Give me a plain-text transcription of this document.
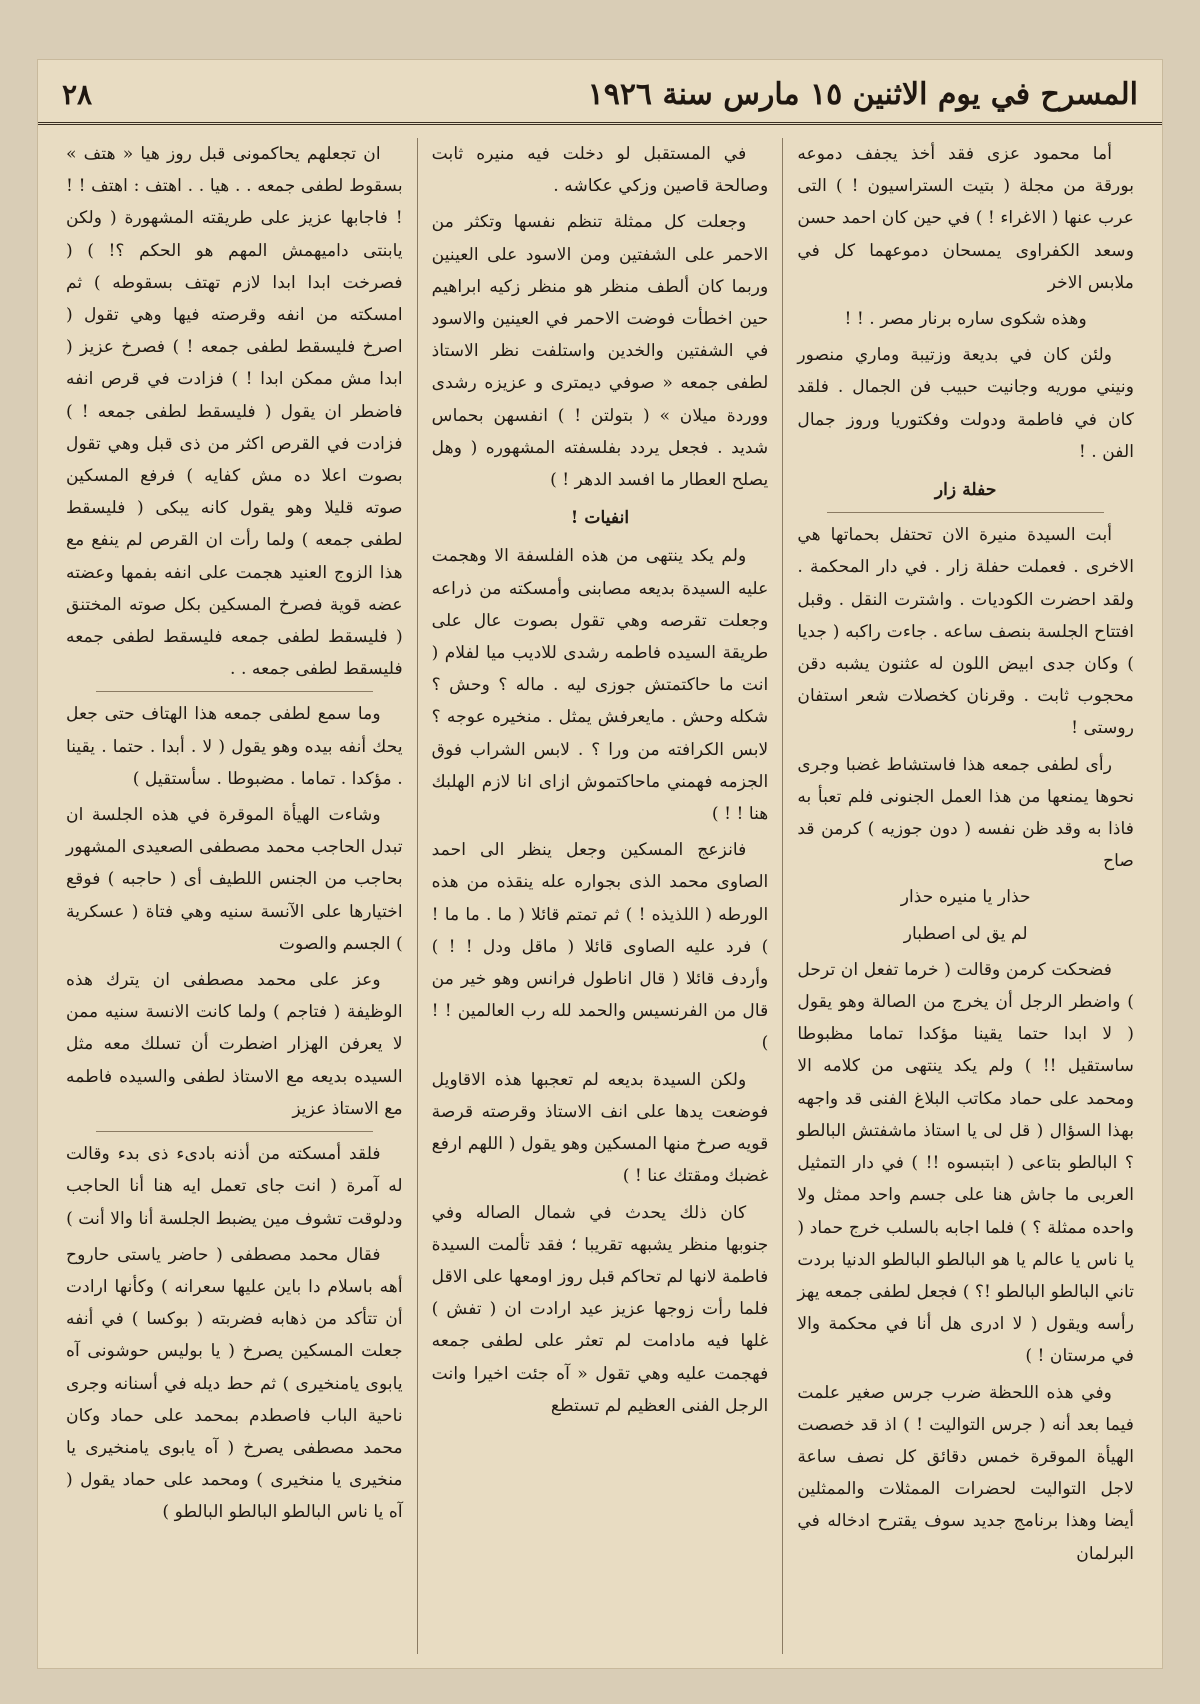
المسرح في يوم الاثنين ١٥ مارس سنة ١٩٢٦
٢٨

أما محمود عزى فقد أخذ يجفف دموعه بورقة من مجلة ( بتيت الستراسيون ! ) التى عرب عنها ( الاغراء ! ) في حين كان احمد حسن وسعد الكفراوى يمسحان دموعهما كل في ملابس الاخر

وهذه شكوى ساره برنار مصر . ! !

ولئن كان في بديعة وزتيبة وماري منصور ونيني موريه وجانيت حبيب فن الجمال . فلقد كان في فاطمة ودولت وفكتوريا وروز جمال الفن . !

حفلة زار

أبت السيدة منيرة الان تحتفل بحماتها هي الاخرى . فعملت حفلة زار . في دار المحكمة . ولقد احضرت الكوديات . واشترت النقل . وقبل افتتاح الجلسة بنصف ساعه . جاءت راكبه ( جديا ) وكان جدى ابيض اللون له عثنون يشبه دقن محجوب ثابت . وقرنان كخصلات شعر استفان روستى !

رأى لطفى جمعه هذا فاستشاط غضبا وجرى نحوها يمنعها من هذا العمل الجنونى فلم تعبأ به فاذا به وقد ظن نفسه ( دون جوزيه ) كرمن قد صاح

حذار يا منيره حذار

لم يق لى اصطبار

فضحكت كرمن وقالت ( خرما تفعل ان ترحل ) واضطر الرجل أن يخرج من الصالة وهو يقول ( لا ابدا حتما يقينا مؤكدا تماما مظبوطا ساستقيل !! ) ولم يكد ينتهى من كلامه الا ومحمد على حماد مكاتب البلاغ الفنى قد واجهه بهذا السؤال ( قل لى يا استاذ ماشفتش البالطو ؟ البالطو بتاعى ( ابتبسوه !! ) في دار التمثيل العربى ما جاش هنا على جسم واحد ممثل ولا واحده ممثلة ؟ ) فلما اجابه بالسلب خرج حماد ( يا ناس يا عالم يا هو البالطو البالطو الدنيا بردت تاني البالطو البالطو !؟ ) فجعل لطفى جمعه يهز رأسه ويقول ( لا ادرى هل أنا في محكمة والا في مرستان ! )

وفي هذه اللحظة ضرب جرس صغير علمت فيما بعد أنه ( جرس التواليت ! ) اذ قد خصصت الهيأة الموقرة خمس دقائق كل نصف ساعة لاجل التواليت لحضرات الممثلات والممثلين أيضا وهذا برنامج جديد سوف يقترح ادخاله في البرلمان

في المستقبل لو دخلت فيه منيره ثابت وصالحة قاصين وزكي عكاشه .

وجعلت كل ممثلة تنظم نفسها وتكثر من الاحمر على الشفتين ومن الاسود على العينين وربما كان ألطف منظر هو منظر زكيه ابراهيم حين اخطأت فوضت الاحمر في العينين والاسود في الشفتين والخدين واستلفت نظر الاستاذ لطفى جمعه « صوفي ديمترى و عزيزه رشدى ووردة ميلان » ( بتولتن ! ) انفسهن بحماس شديد . فجعل يردد بفلسفته المشهوره ( وهل يصلح العطار ما افسد الدهر ! )

انفيات !

ولم يكد ينتهى من هذه الفلسفة الا وهجمت عليه السيدة بديعه مصابنى وأمسكته من ذراعه وجعلت تقرصه وهي تقول بصوت عال على طريقة السيده فاطمه رشدى للاديب ميا لفلام ( انت ما حاكتمتش جوزى ليه . ماله ؟ وحش ؟ شكله وحش . مايعرفش يمثل . منخيره عوجه ؟ لابس الكرافته من ورا ؟ . لابس الشراب فوق الجزمه فهمني ماحاكتموش ازاى انا لازم الهلبك هنا ! ! )

فانزعج المسكين وجعل ينظر الى احمد الصاوى محمد الذى بجواره عله ينقذه من هذه الورطه ( اللذيذه ! ) ثم تمتم قائلا ( ما . ما ما ! ) فرد عليه الصاوى قائلا ( ماقل ودل ! ! ) وأردف قائلا ( قال اناطول فرانس وهو خير من قال من الفرنسيس والحمد لله رب العالمين ! ! )

ولكن السيدة بديعه لم تعجبها هذه الاقاويل فوضعت يدها على انف الاستاذ وقرصته قرصة قويه صرخ منها المسكين وهو يقول ( اللهم ارفع غضبك ومقتك عنا ! )

كان ذلك يحدث في شمال الصاله وفي جنوبها منظر يشبهه تقريبا ؛ فقد تألمت السيدة فاطمة لانها لم تحاكم قبل روز اومعها على الاقل فلما رأت زوجها عزيز عيد ارادت ان ( تفش ) غلها فيه مادامت لم تعثر على لطفى جمعه فهجمت عليه وهي تقول « آه جئت اخيرا وانت الرجل الفنى العظيم لم تستطع

ان تجعلهم يحاكمونى قبل روز هيا « هتف » بسقوط لطفى جمعه . . هيا . . اهتف : اهتف ! ! ! فاجابها عزيز على طريقته المشهورة ( ولكن يابنتى داميهمش المهم هو الحكم ؟! ) ( فصرخت ابدا ابدا لازم تهتف بسقوطه ) ثم امسكته من انفه وقرصته فيها وهي تقول ( اصرخ فليسقط لطفى جمعه ! ) فصرخ عزيز ( ابدا مش ممكن ابدا ! ) فزادت في قرص انفه فاضطر ان يقول ( فليسقط لطفى جمعه ! ) فزادت في القرص اكثر من ذى قبل وهي تقول بصوت اعلا ده مش كفايه ) فرفع المسكين صوته قليلا وهو يقول كانه يبكى ( فليسقط لطفى جمعه ) ولما رأت ان القرص لم ينفع مع هذا الزوج العنيد هجمت على انفه بفمها وعضته عضه قوية فصرخ المسكين بكل صوته المختنق ( فليسقط لطفى جمعه فليسقط لطفى جمعه فليسقط لطفى جمعه . .

وما سمع لطفى جمعه هذا الهتاف حتى جعل يحك أنفه بيده وهو يقول ( لا . أبدا . حتما . يقينا . مؤكدا . تماما . مضبوطا . سأستقيل )

وشاءت الهيأة الموقرة في هذه الجلسة ان تبدل الحاجب محمد مصطفى الصعيدى المشهور بحاجب من الجنس اللطيف أى ( حاجبه ) فوقع اختيارها على الآنسة سنيه وهي فتاة ( عسكرية ) الجسم والصوت

وعز على محمد مصطفى ان يترك هذه الوظيفة ( فتاجم ) ولما كانت الانسة سنيه ممن لا يعرفن الهزار اضطرت أن تسلك معه مثل السيده بديعه مع الاستاذ لطفى والسيده فاطمه مع الاستاذ عزيز

فلقد أمسكته من أذنه بادىء ذى بدء وقالت له آمرة ( انت جاى تعمل ايه هنا أنا الحاجب ودلوقت تشوف مين يضبط الجلسة أنا والا أنت )

فقال محمد مصطفى ( حاضر ياستى حاروح أهه باسلام دا باين عليها سعرانه ) وكأنها ارادت أن تتأكد من ذهابه فضربته ( بوكسا ) في أنفه جعلت المسكين يصرخ ( يا بوليس حوشونى آه يابوى يامنخيرى ) ثم حط ديله في أسنانه وجرى ناحية الباب فاصطدم بمحمد على حماد وكان محمد مصطفى يصرخ ( آه يابوى يامنخيرى يا منخيرى يا منخيرى ) ومحمد على حماد يقول ( آه يا ناس البالطو البالطو البالطو )
